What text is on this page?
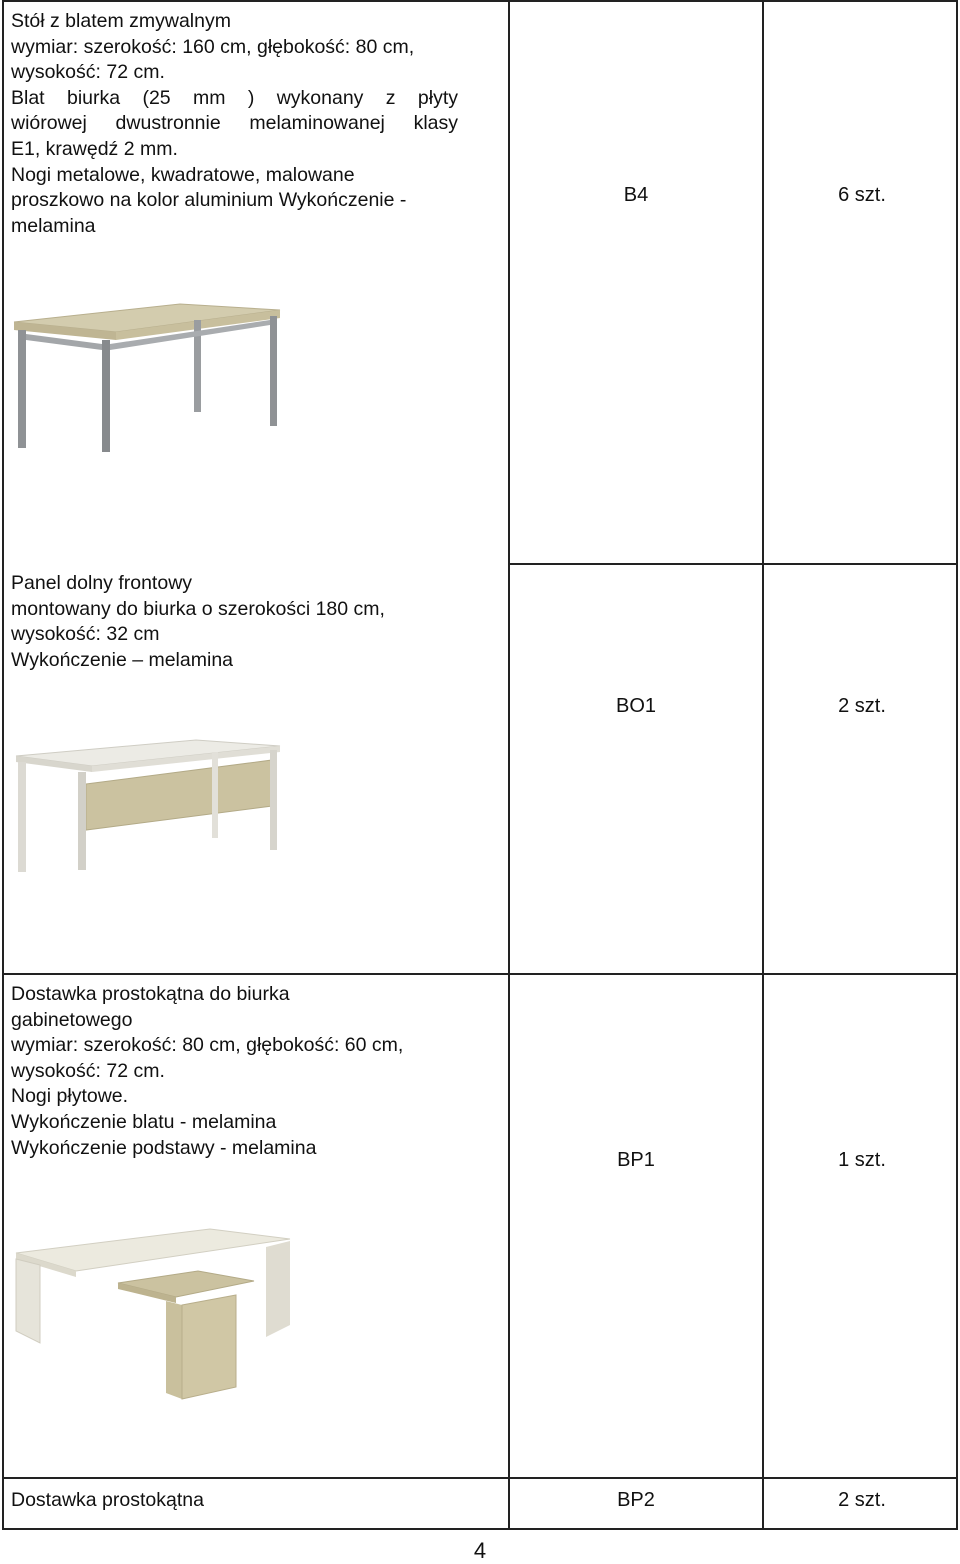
Stół z blatem zmywalnym

wymiar: szerokość: 160 cm, głębokość: 80 cm,

wysokość: 72 cm.

Blat biurka (25 mm ) wykonany z płyty

wiórowej dwustronnie melaminowanej klasy

E1, krawędź 2 mm.

Nogi metalowe, kwadratowe, malowane

proszkowo na kolor aluminium Wykończenie -

melamina

B4	6 szt.

Panel dolny frontowy

montowany do biurka o szerokości 180 cm,

wysokość: 32 cm

Wykończenie – melamina

BO1	2 szt.

Dostawka prostokątna do biurka

gabinetowego

wymiar: szerokość: 80 cm, głębokość: 60 cm,

wysokość: 72 cm.

Nogi płytowe.

Wykończenie blatu - melamina

Wykończenie podstawy - melamina

BP1	1 szt.

Dostawka prostokątna	BP2	2 szt.
4
